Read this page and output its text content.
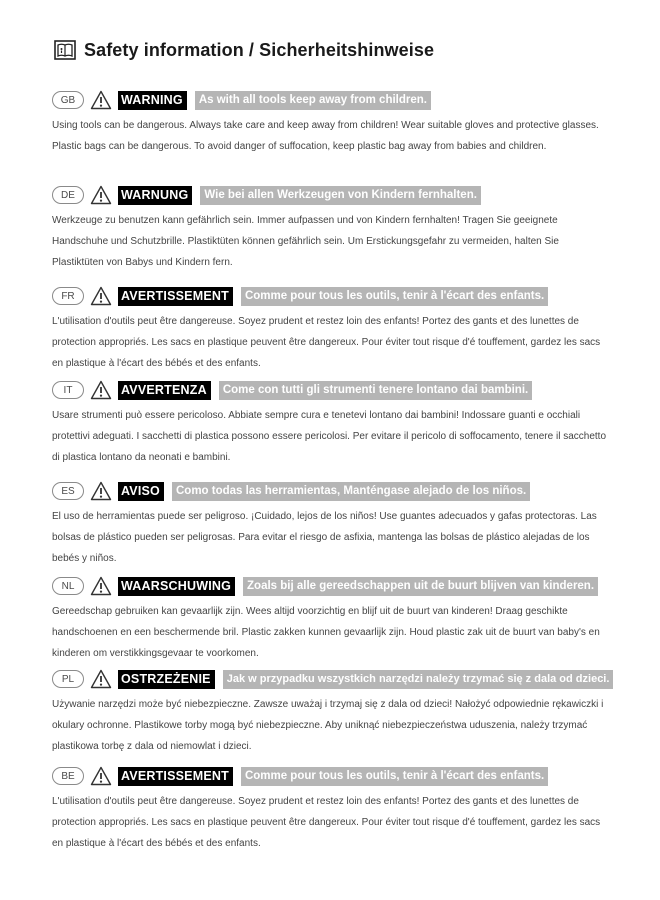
Safety information / Sicherheitshinweise
GB	WARNING	As with all tools keep away from children.
Using tools can be dangerous. Always take care and keep away from children! Wear suitable gloves and protective glasses. Plastic bags can be dangerous. To avoid danger of suffocation, keep plastic bag away from babies and children.
DE	WARNUNG	Wie bei allen Werkzeugen von Kindern fernhalten.
Werkzeuge zu benutzen kann gefährlich sein. Immer aufpassen und von Kindern fernhalten! Tragen Sie geeignete Handschuhe und Schutzbrille. Plastiktüten können gefährlich sein. Um Erstickungsgefahr zu vermeiden, halten Sie Plastiktüten von Babys und Kindern fern.
FR	AVERTISSEMENT	Comme pour tous les outils, tenir à l'écart des enfants.
L'utilisation d'outils peut être dangereuse. Soyez prudent et restez loin des enfants! Portez des gants et des lunettes de protection appropriés. Les sacs en plastique peuvent être dangereux. Pour éviter tout risque d'é touffement, gardez les sacs en plastique à l'écart des bébés et des enfants.
IT	AVVERTENZA	Come con tutti gli strumenti tenere lontano dai bambini.
Usare strumenti può essere pericoloso. Abbiate sempre cura e tenetevi lontano dai bambini! Indossare guanti e occhiali protettivi adeguati. I sacchetti di plastica possono essere pericolosi. Per evitare il pericolo di soffocamento, tenere il sacchetto di plastica lontano da neonati e bambini.
ES	AVISO	Como todas las herramientas, Manténgase alejado de los niños.
El uso de herramientas puede ser peligroso. ¡Cuidado, lejos de los niños! Use guantes adecuados y gafas protectoras. Las bolsas de plástico pueden ser peligrosas. Para evitar el riesgo de asfixia, mantenga las bolsas de plástico alejadas de los bebés y niños.
NL	WAARSCHUWING	Zoals bij alle gereedschappen uit de buurt blijven van kinderen.
Gereedschap gebruiken kan gevaarlijk zijn. Wees altijd voorzichtig en blijf uit de buurt van kinderen! Draag geschikte handschoenen en een beschermende bril. Plastic zakken kunnen gevaarlijk zijn. Houd plastic zak uit de buurt van baby's en kinderen om verstikkingsgevaar te voorkomen.
PL	OSTRZEŻENIE	Jak w przypadku wszystkich narzędzi należy trzymać się z dala od dzieci.
Używanie narzędzi może być niebezpieczne. Zawsze uważaj i trzymaj się z dala od dzieci! Nałożyć odpowiednie rękawiczki i okulary ochronne. Plastikowe torby mogą być niebezpieczne. Aby uniknąć niebezpieczeństwa uduszenia, należy trzymać plastikowa torbę z dala od niemowlat i dzieci.
BE	AVERTISSEMENT	Comme pour tous les outils, tenir à l'écart des enfants.
L'utilisation d'outils peut être dangereuse. Soyez prudent et restez loin des enfants! Portez des gants et des lunettes de protection appropriés. Les sacs en plastique peuvent être dangereux. Pour éviter tout risque d'é touffement, gardez les sacs en plastique à l'écart des bébés et des enfants.
